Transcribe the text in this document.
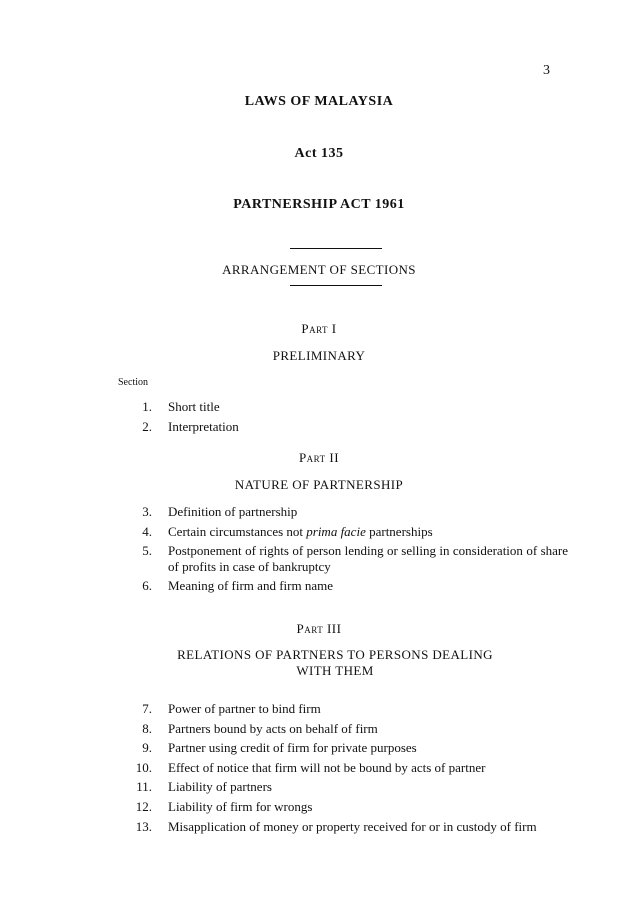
3
LAWS OF MALAYSIA
Act 135
PARTNERSHIP ACT 1961
ARRANGEMENT OF SECTIONS
Part I
PRELIMINARY
Section
1.	Short title
2.	Interpretation
Part II
NATURE OF PARTNERSHIP
3.	Definition of partnership
4.	Certain circumstances not prima facie partnerships
5.	Postponement of rights of person lending or selling in consideration of share of profits in case of bankruptcy
6.	Meaning of firm and firm name
Part III
RELATIONS OF PARTNERS TO PERSONS DEALING
WITH THEM
7.	Power of partner to bind firm
8.	Partners bound by acts on behalf of firm
9.	Partner using credit of firm for private purposes
10.	Effect of notice that firm will not be bound by acts of partner
11.	Liability of partners
12.	Liability of firm for wrongs
13.	Misapplication of money or property received for or in custody of firm
